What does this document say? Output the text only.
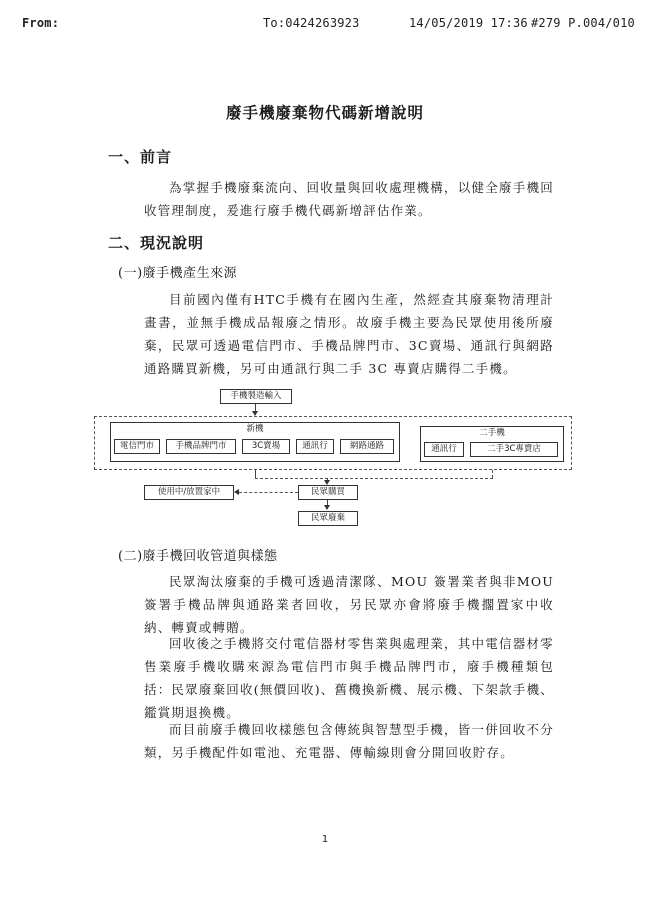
From:	To:0424263923	14/05/2019 17:36 #279 P.004/010
廢手機廢棄物代碼新增說明
一、前言
為掌握手機廢棄流向、回收量與回收處理機構，以健全廢手機回收管理制度，爰進行廢手機代碼新增評估作業。
二、現況說明
(一)廢手機產生來源
目前國內僅有HTC手機有在國內生產，然經查其廢棄物清理計畫書，並無手機成品報廢之情形。故廢手機主要為民眾使用後所廢棄，民眾可透過電信門市、手機品牌門市、3C賣場、通訊行與網路通路購買新機，另可由通訊行與二手 3C 專賣店購得二手機。
手機製造輸入
新機
電信門市	手機品牌門市	3C賣場	通訊行	網路通路
二手機
通訊行	二手3C專賣店
民眾購買
使用中/放置家中
民眾廢棄
(二)廢手機回收管道與樣態
民眾淘汰廢棄的手機可透過清潔隊、MOU 簽署業者與非MOU簽署手機品牌與通路業者回收，另民眾亦會將廢手機擱置家中收納、轉賣或轉贈。
回收後之手機將交付電信器材零售業與處理業，其中電信器材零售業廢手機收購來源為電信門市與手機品牌門市，廢手機種類包括：民眾廢棄回收(無價回收)、舊機換新機、展示機、下架款手機、鑑賞期退換機。
而目前廢手機回收樣態包含傳統與智慧型手機，皆一併回收不分類，另手機配件如電池、充電器、傳輸線則會分開回收貯存。
1
